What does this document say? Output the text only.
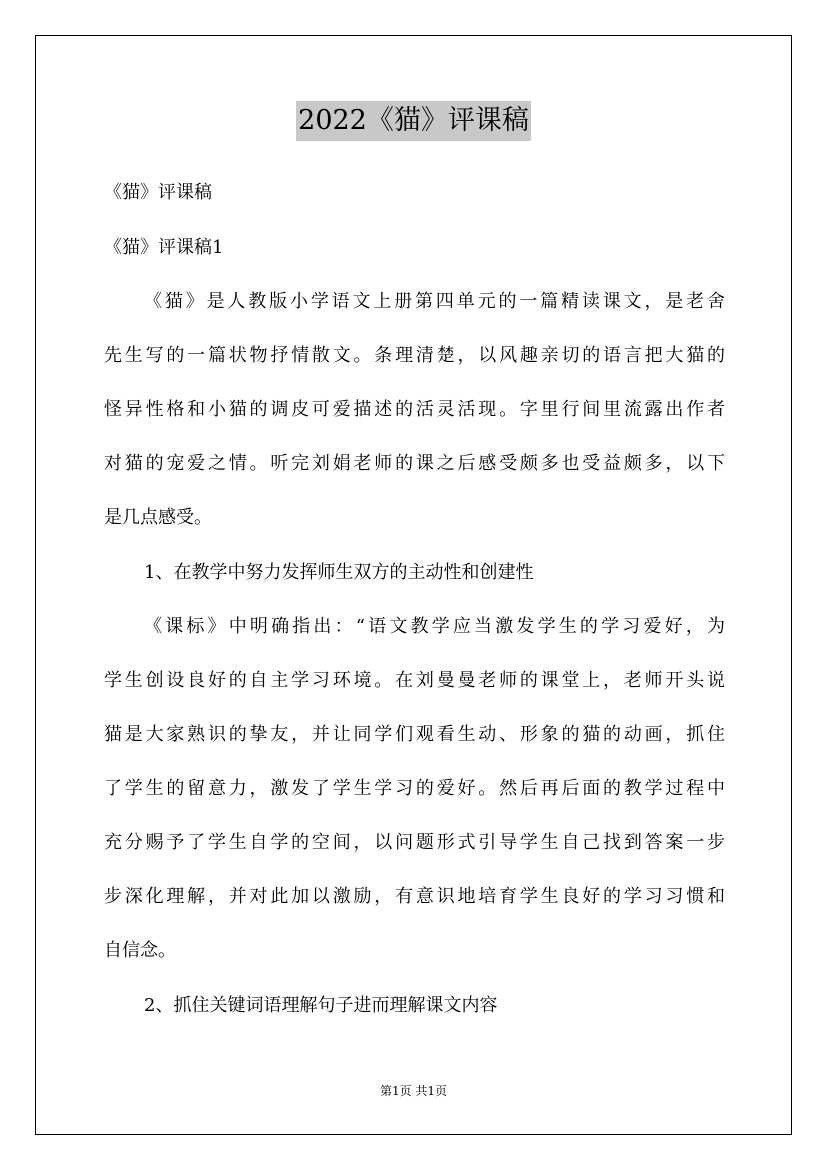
2022《猫》评课稿
《猫》评课稿
《猫》评课稿1
《猫》是人教版小学语文上册第四单元的一篇精读课文，是老舍
先生写的一篇状物抒情散文。条理清楚，以风趣亲切的语言把大猫的
怪异性格和小猫的调皮可爱描述的活灵活现。字里行间里流露出作者
对猫的宠爱之情。听完刘娟老师的课之后感受颇多也受益颇多，以下
是几点感受。
1、在教学中努力发挥师生双方的主动性和创建性
《课标》中明确指出：“语文教学应当激发学生的学习爱好，为
学生创设良好的自主学习环境。在刘曼曼老师的课堂上，老师开头说
猫是大家熟识的挚友，并让同学们观看生动、形象的猫的动画，抓住
了学生的留意力，激发了学生学习的爱好。然后再后面的教学过程中
充分赐予了学生自学的空间，以问题形式引导学生自己找到答案一步
步深化理解，并对此加以激励，有意识地培育学生良好的学习习惯和
自信念。
2、抓住关键词语理解句子进而理解课文内容
第1页 共1页
